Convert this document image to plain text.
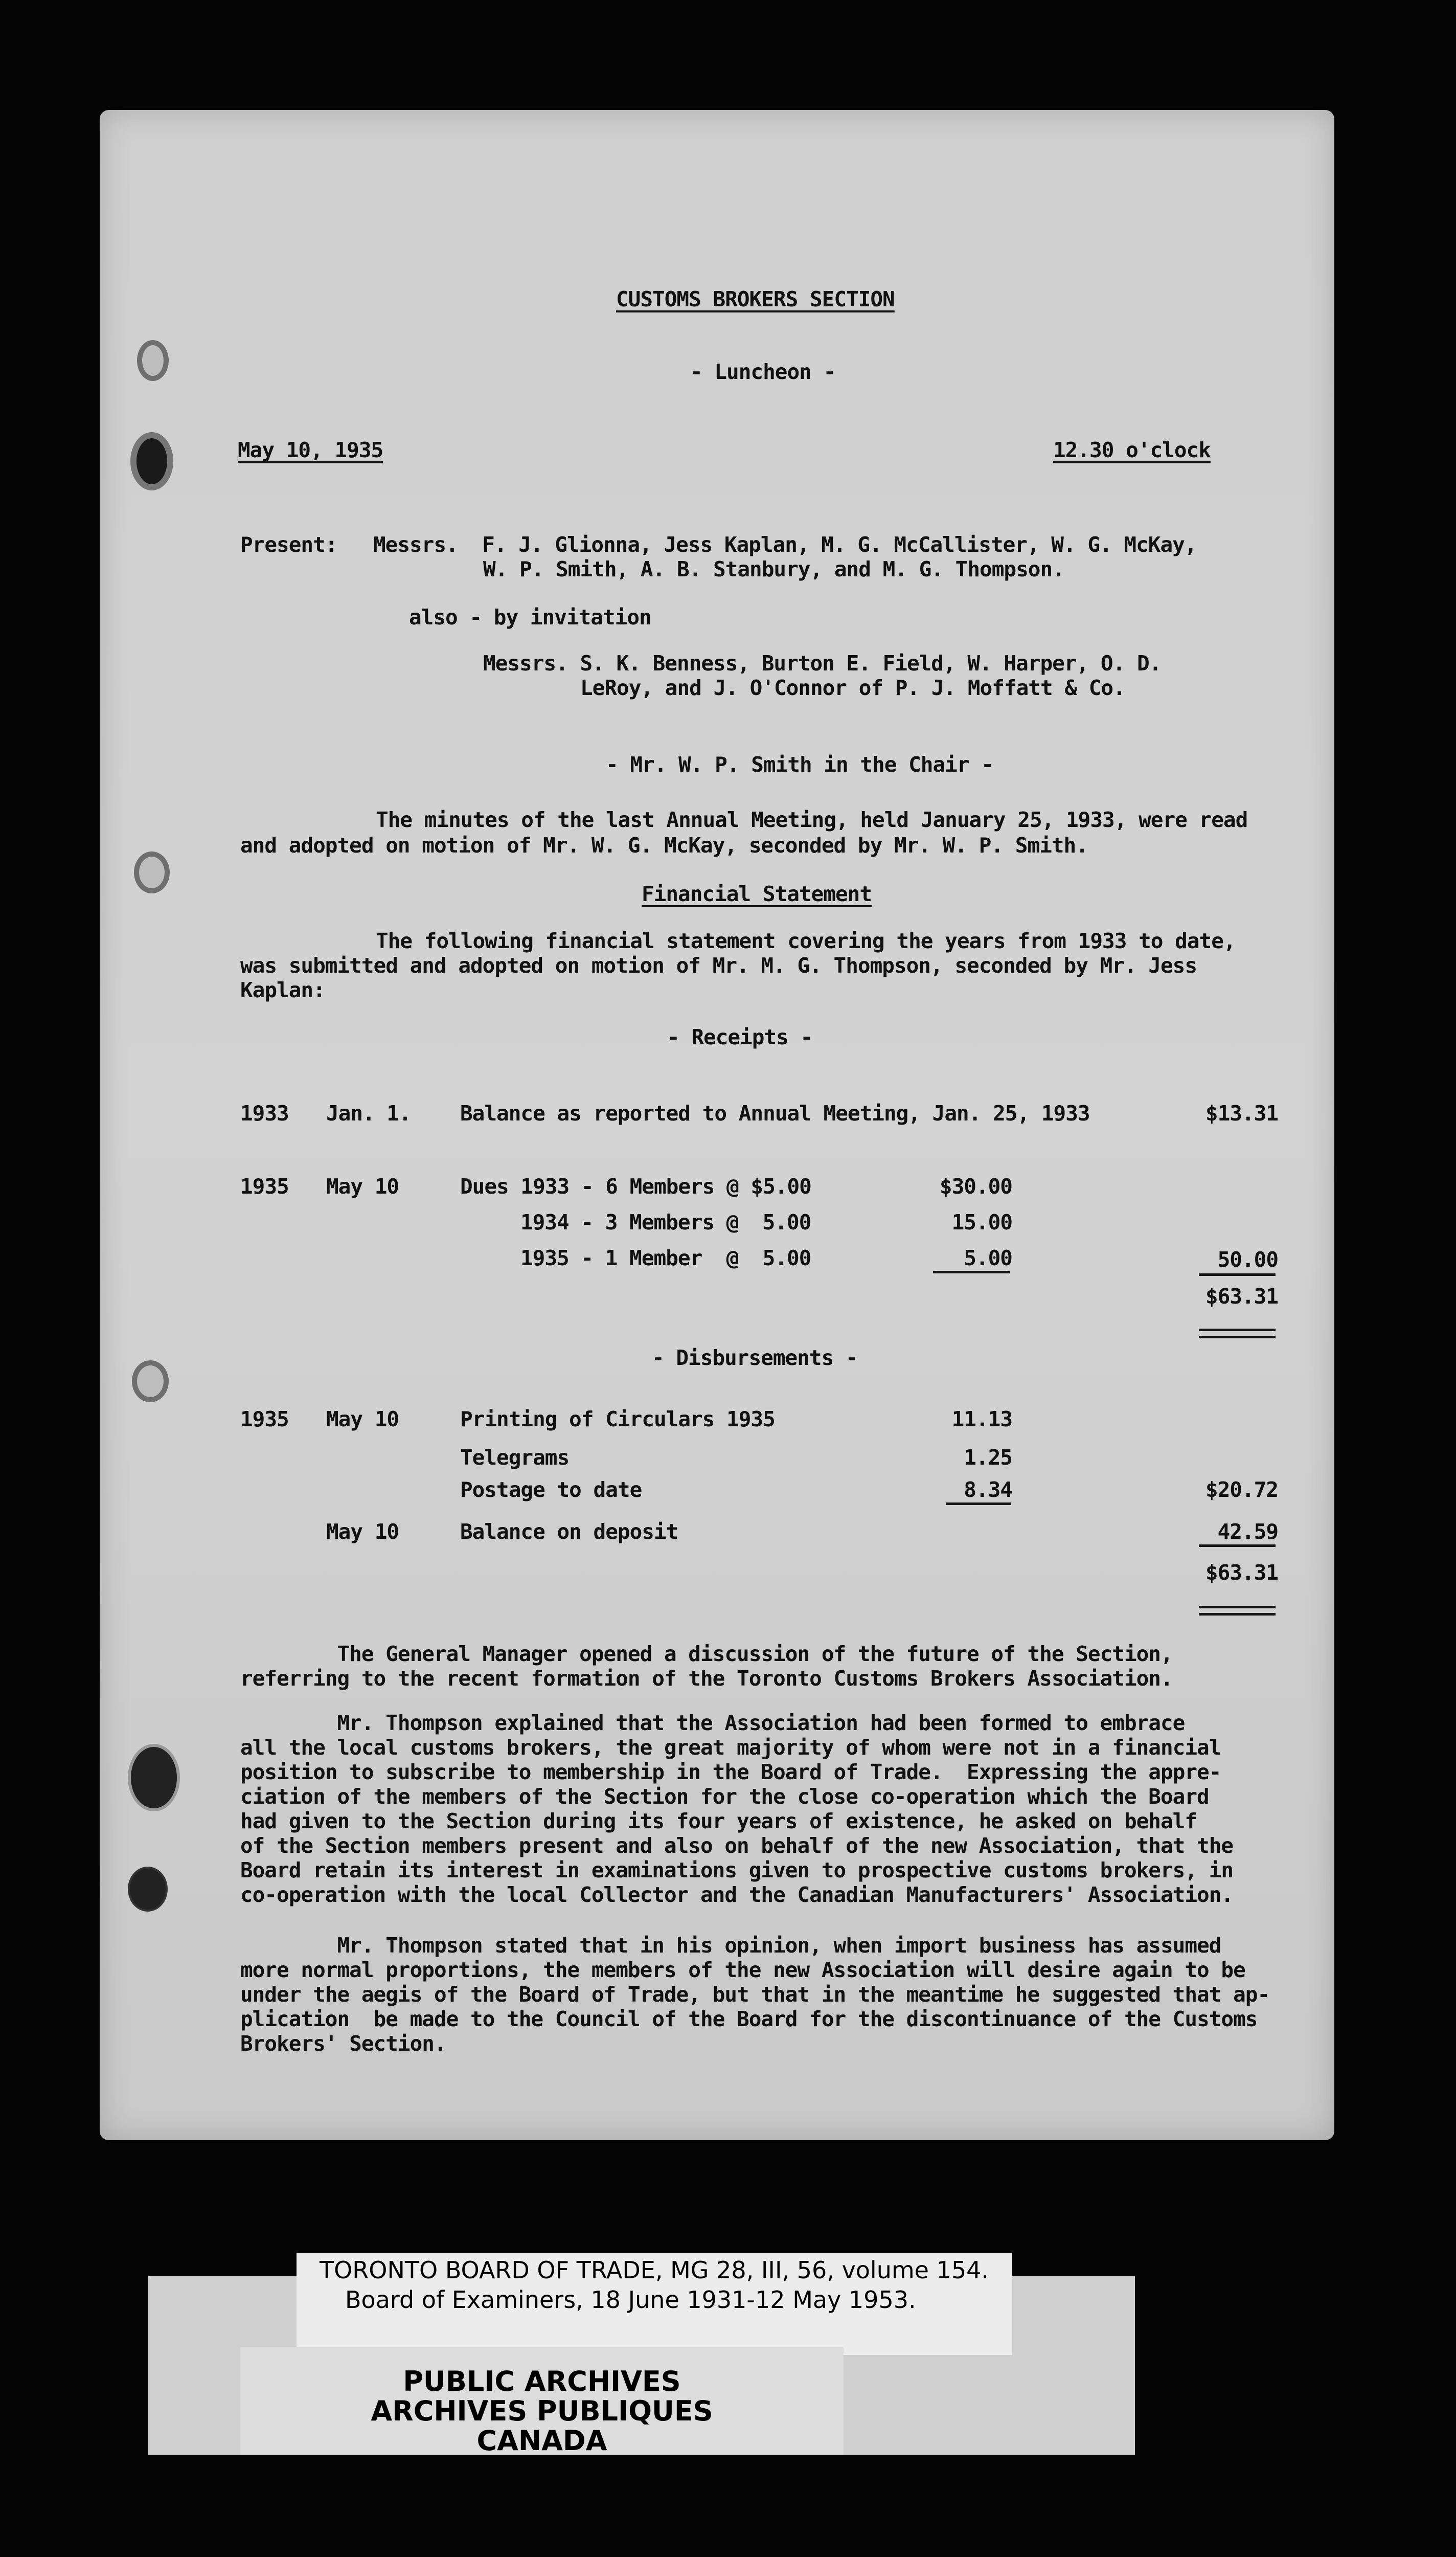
CUSTOMS BROKERS SECTION
- Luncheon -
May 10, 1935	12.30 o'clock
Present: Messrs.  F. J. Glionna, Jess Kaplan, M. G. McCallister, W. G. McKay,
W. P. Smith, A. B. Stanbury, and M. G. Thompson.
also - by invitation
Messrs. S. K. Benness, Burton E. Field, W. Harper, O. D.
LeRoy, and J. O'Connor of P. J. Moffatt & Co.
- Mr. W. P. Smith in the Chair -
The minutes of the last Annual Meeting, held January 25, 1933, were read
and adopted on motion of Mr. W. G. McKay, seconded by Mr. W. P. Smith.
Financial Statement
The following financial statement covering the years from 1933 to date,
was submitted and adopted on motion of Mr. M. G. Thompson, seconded by Mr. Jess
Kaplan:
- Receipts -
1933 Jan. 1. Balance as reported to Annual Meeting, Jan. 25, 1933	$13.31
1935 May 10	Dues 1933 - 6 Members @ $5.00	$30.00
1934 - 3 Members @  5.00	15.00
1935 - 1 Member  @  5.00	5.00	50.00
$63.31
- Disbursements -
1935 May 10	Printing of Circulars 1935	11.13
Telegrams	1.25
Postage to date	8.34	$20.72
May 10	Balance on deposit	42.59
$63.31
The General Manager opened a discussion of the future of the Section,
referring to the recent formation of the Toronto Customs Brokers Association.
Mr. Thompson explained that the Association had been formed to embrace
all the local customs brokers, the great majority of whom were not in a financial
position to subscribe to membership in the Board of Trade.  Expressing the appre-
ciation of the members of the Section for the close co-operation which the Board
had given to the Section during its four years of existence, he asked on behalf
of the Section members present and also on behalf of the new Association, that the
Board retain its interest in examinations given to prospective customs brokers, in
co-operation with the local Collector and the Canadian Manufacturers' Association.
Mr. Thompson stated that in his opinion, when import business has assumed
more normal proportions, the members of the new Association will desire again to be
under the aegis of the Board of Trade, but that in the meantime he suggested that ap-
plication  be made to the Council of the Board for the discontinuance of the Customs
Brokers' Section.
TORONTO BOARD OF TRADE, MG 28, III, 56, volume 154.
Board of Examiners, 18 June 1931-12 May 1953.
PUBLIC ARCHIVES
ARCHIVES PUBLIQUES
CANADA
